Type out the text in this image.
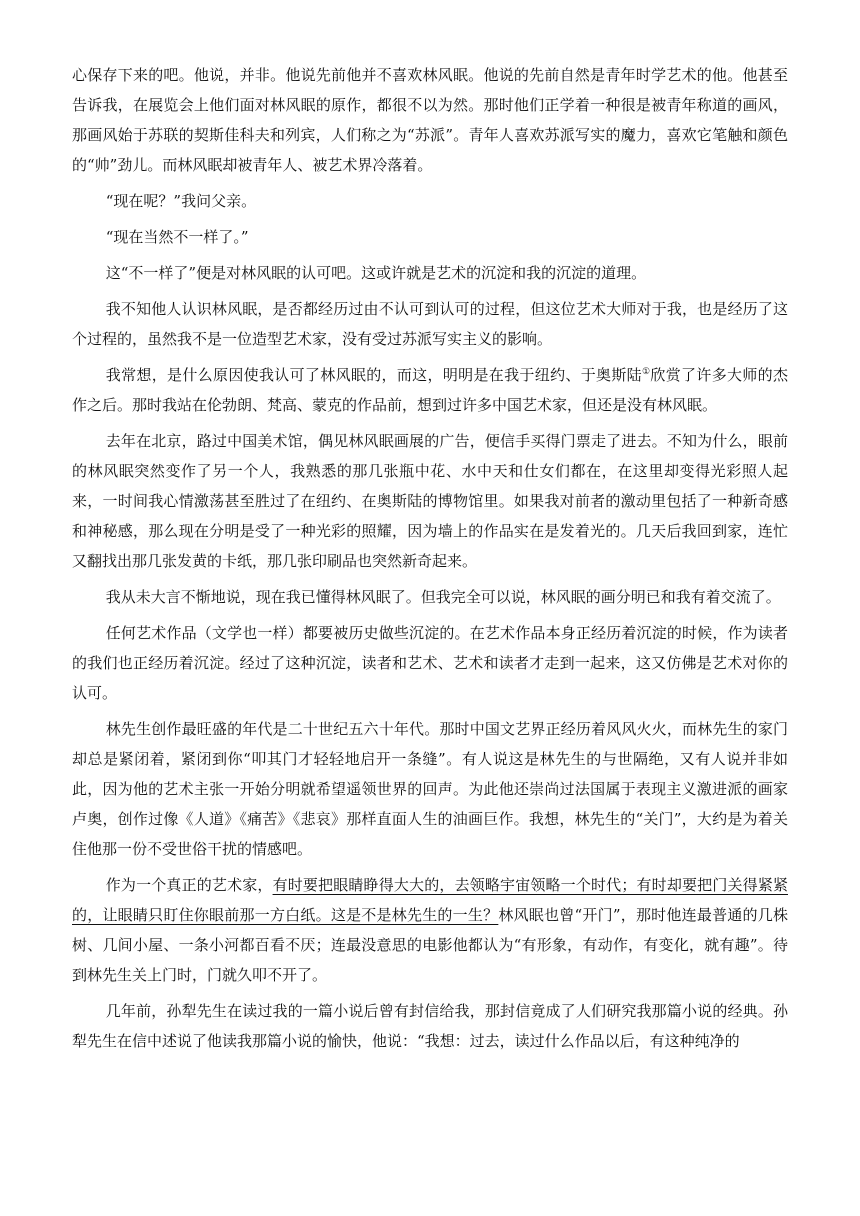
心保存下来的吧。他说，并非。他说先前他并不喜欢林风眠。他说的先前自然是青年时学艺术的他。他甚至告诉我，在展览会上他们面对林风眠的原作，都很不以为然。那时他们正学着一种很是被青年称道的画风，那画风始于苏联的契斯佳科夫和列宾，人们称之为“苏派”。青年人喜欢苏派写实的魔力，喜欢它笔触和颜色的“帅”劲儿。而林风眠却被青年人、被艺术界冷落着。

“现在呢？”我问父亲。

“现在当然不一样了。”

这“不一样了”便是对林风眠的认可吧。这或许就是艺术的沉淀和我的沉淀的道理。

我不知他人认识林风眠，是否都经历过由不认可到认可的过程，但这位艺术大师对于我，也是经历了这个过程的，虽然我不是一位造型艺术家，没有受过苏派写实主义的影响。

我常想，是什么原因使我认可了林风眠的，而这，明明是在我于纽约、于奥斯陆①欣赏了许多大师的杰作之后。那时我站在伦勃朗、梵高、蒙克的作品前，想到过许多中国艺术家，但还是没有林风眠。

去年在北京，路过中国美术馆，偶见林风眠画展的广告，便信手买得门票走了进去。不知为什么，眼前的林风眠突然变作了另一个人，我熟悉的那几张瓶中花、水中天和仕女们都在，在这里却变得光彩照人起来，一时间我心情激荡甚至胜过了在纽约、在奥斯陆的博物馆里。如果我对前者的激动里包括了一种新奇感和神秘感，那么现在分明是受了一种光彩的照耀，因为墙上的作品实在是发着光的。几天后我回到家，连忙又翻找出那几张发黄的卡纸，那几张印刷品也突然新奇起来。

我从未大言不惭地说，现在我已懂得林风眠了。但我完全可以说，林风眠的画分明已和我有着交流了。

任何艺术作品（文学也一样）都要被历史做些沉淀的。在艺术作品本身正经历着沉淀的时候，作为读者的我们也正经历着沉淀。经过了这种沉淀，读者和艺术、艺术和读者才走到一起来，这又仿佛是艺术对你的认可。

林先生创作最旺盛的年代是二十世纪五六十年代。那时中国文艺界正经历着风风火火，而林先生的家门却总是紧闭着，紧闭到你“叩其门才轻轻地启开一条缝”。有人说这是林先生的与世隔绝，又有人说并非如此，因为他的艺术主张一开始分明就希望遥领世界的回声。为此他还崇尚过法国属于表现主义激进派的画家卢奥，创作过像《人道》《痛苦》《悲哀》那样直面人生的油画巨作。我想，林先生的“关门”，大约是为着关住他那一份不受世俗干扰的情感吧。

作为一个真正的艺术家，有时要把眼睛睁得大大的，去领略宇宙领略一个时代；有时却要把门关得紧紧的，让眼睛只盯住你眼前那一方白纸。这是不是林先生的一生？林风眠也曾“开门”，那时他连最普通的几株树、几间小屋、一条小河都百看不厌；连最没意思的电影他都认为“有形象，有动作，有变化，就有趣”。待到林先生关上门时，门就久叩不开了。

几年前，孙犁先生在读过我的一篇小说后曾有封信给我，那封信竟成了人们研究我那篇小说的经典。孙犁先生在信中述说了他读我那篇小说的愉快，他说：“我想：过去，读过什么作品以后，有这种纯净的
